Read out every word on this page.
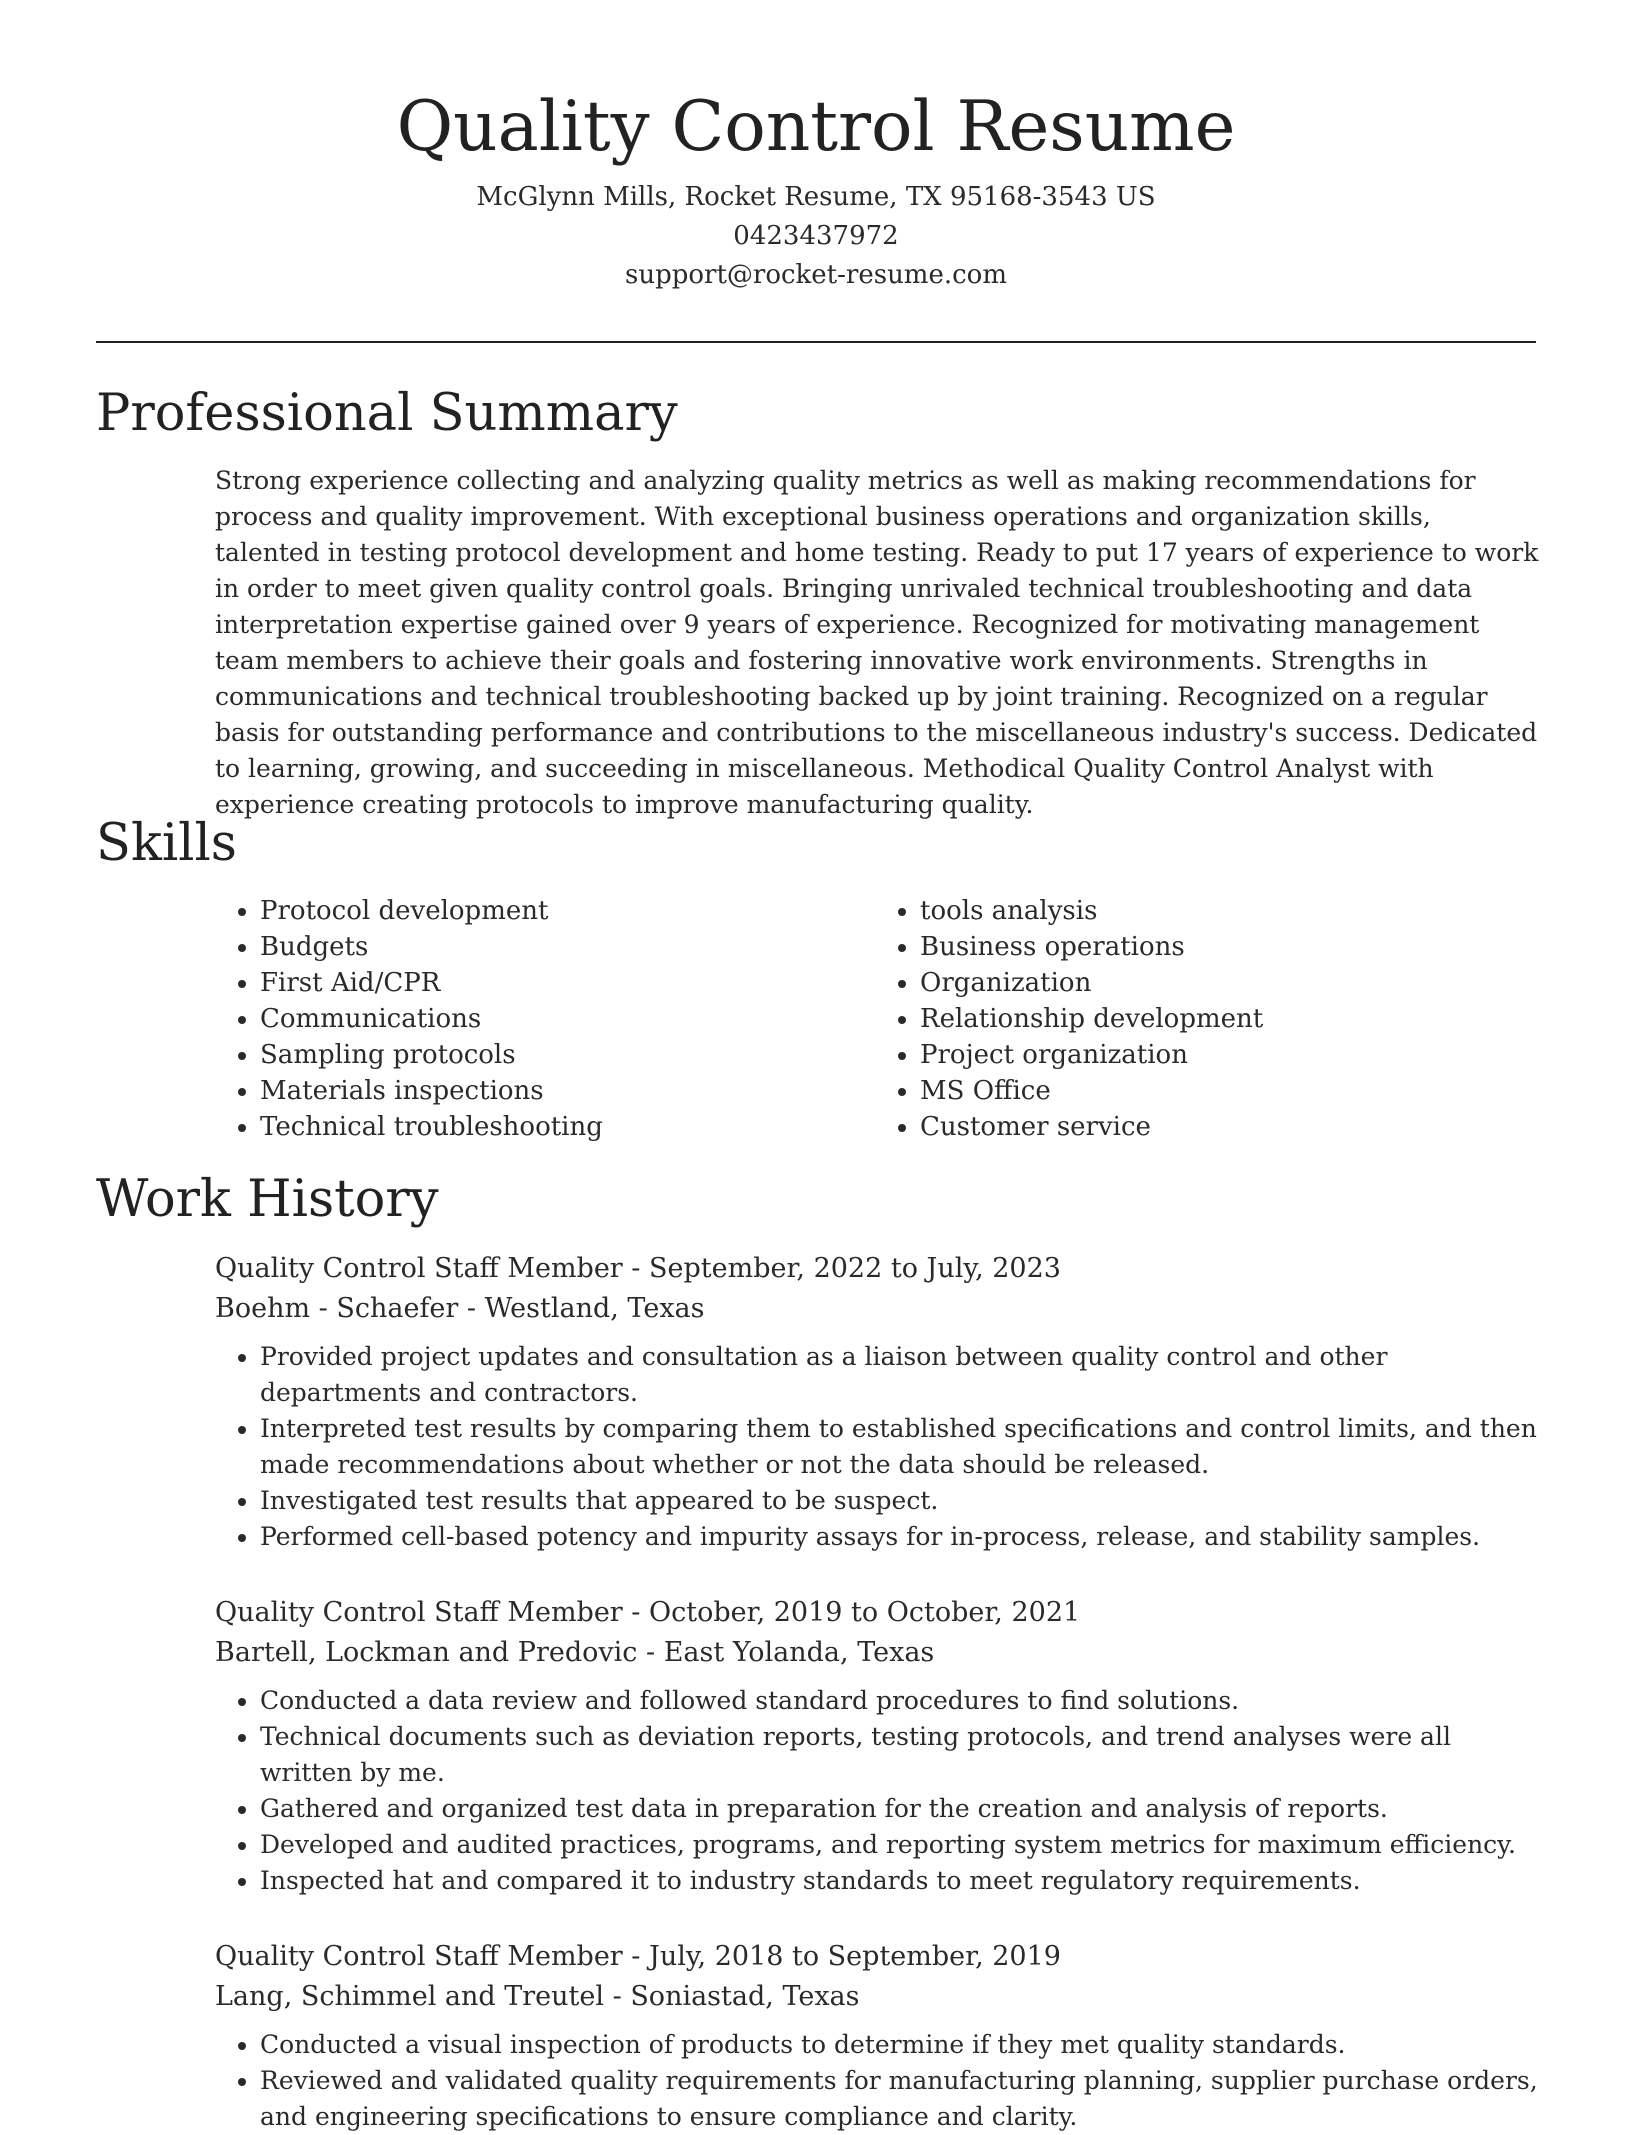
Quality Control Resume

McGlynn Mills, Rocket Resume, TX 95168-3543 US

0423437972

support@rocket-resume.com

Professional Summary

Strong experience collecting and analyzing quality metrics as well as making recommendations for process and quality improvement. With exceptional business operations and organization skills, talented in testing protocol development and home testing. Ready to put 17 years of experience to work in order to meet given quality control goals. Bringing unrivaled technical troubleshooting and data interpretation expertise gained over 9 years of experience. Recognized for motivating management team members to achieve their goals and fostering innovative work environments. Strengths in communications and technical troubleshooting backed up by joint training. Recognized on a regular basis for outstanding performance and contributions to the miscellaneous industry's success. Dedicated to learning, growing, and succeeding in miscellaneous. Methodical Quality Control Analyst with experience creating protocols to improve manufacturing quality.

Skills
• Protocol development
• Budgets
• First Aid/CPR
• Communications
• Sampling protocols
• Materials inspections
• Technical troubleshooting
• tools analysis
• Business operations
• Organization
• Relationship development
• Project organization
• MS Office
• Customer service
Work History

Quality Control Staff Member - September, 2022 to July, 2023

Boehm - Schaefer - Westland, Texas

• Provided project updates and consultation as a liaison between quality control and other departments and contractors.
• Interpreted test results by comparing them to established specifications and control limits, and then made recommendations about whether or not the data should be released.
• Investigated test results that appeared to be suspect.
• Performed cell-based potency and impurity assays for in-process, release, and stability samples.

Quality Control Staff Member - October, 2019 to October, 2021

Bartell, Lockman and Predovic - East Yolanda, Texas

• Conducted a data review and followed standard procedures to find solutions.
• Technical documents such as deviation reports, testing protocols, and trend analyses were all written by me.
• Gathered and organized test data in preparation for the creation and analysis of reports.
• Developed and audited practices, programs, and reporting system metrics for maximum efficiency.
• Inspected hat and compared it to industry standards to meet regulatory requirements.

Quality Control Staff Member - July, 2018 to September, 2019

Lang, Schimmel and Treutel - Soniastad, Texas

• Conducted a visual inspection of products to determine if they met quality standards.
• Reviewed and validated quality requirements for manufacturing planning, supplier purchase orders, and engineering specifications to ensure compliance and clarity.
